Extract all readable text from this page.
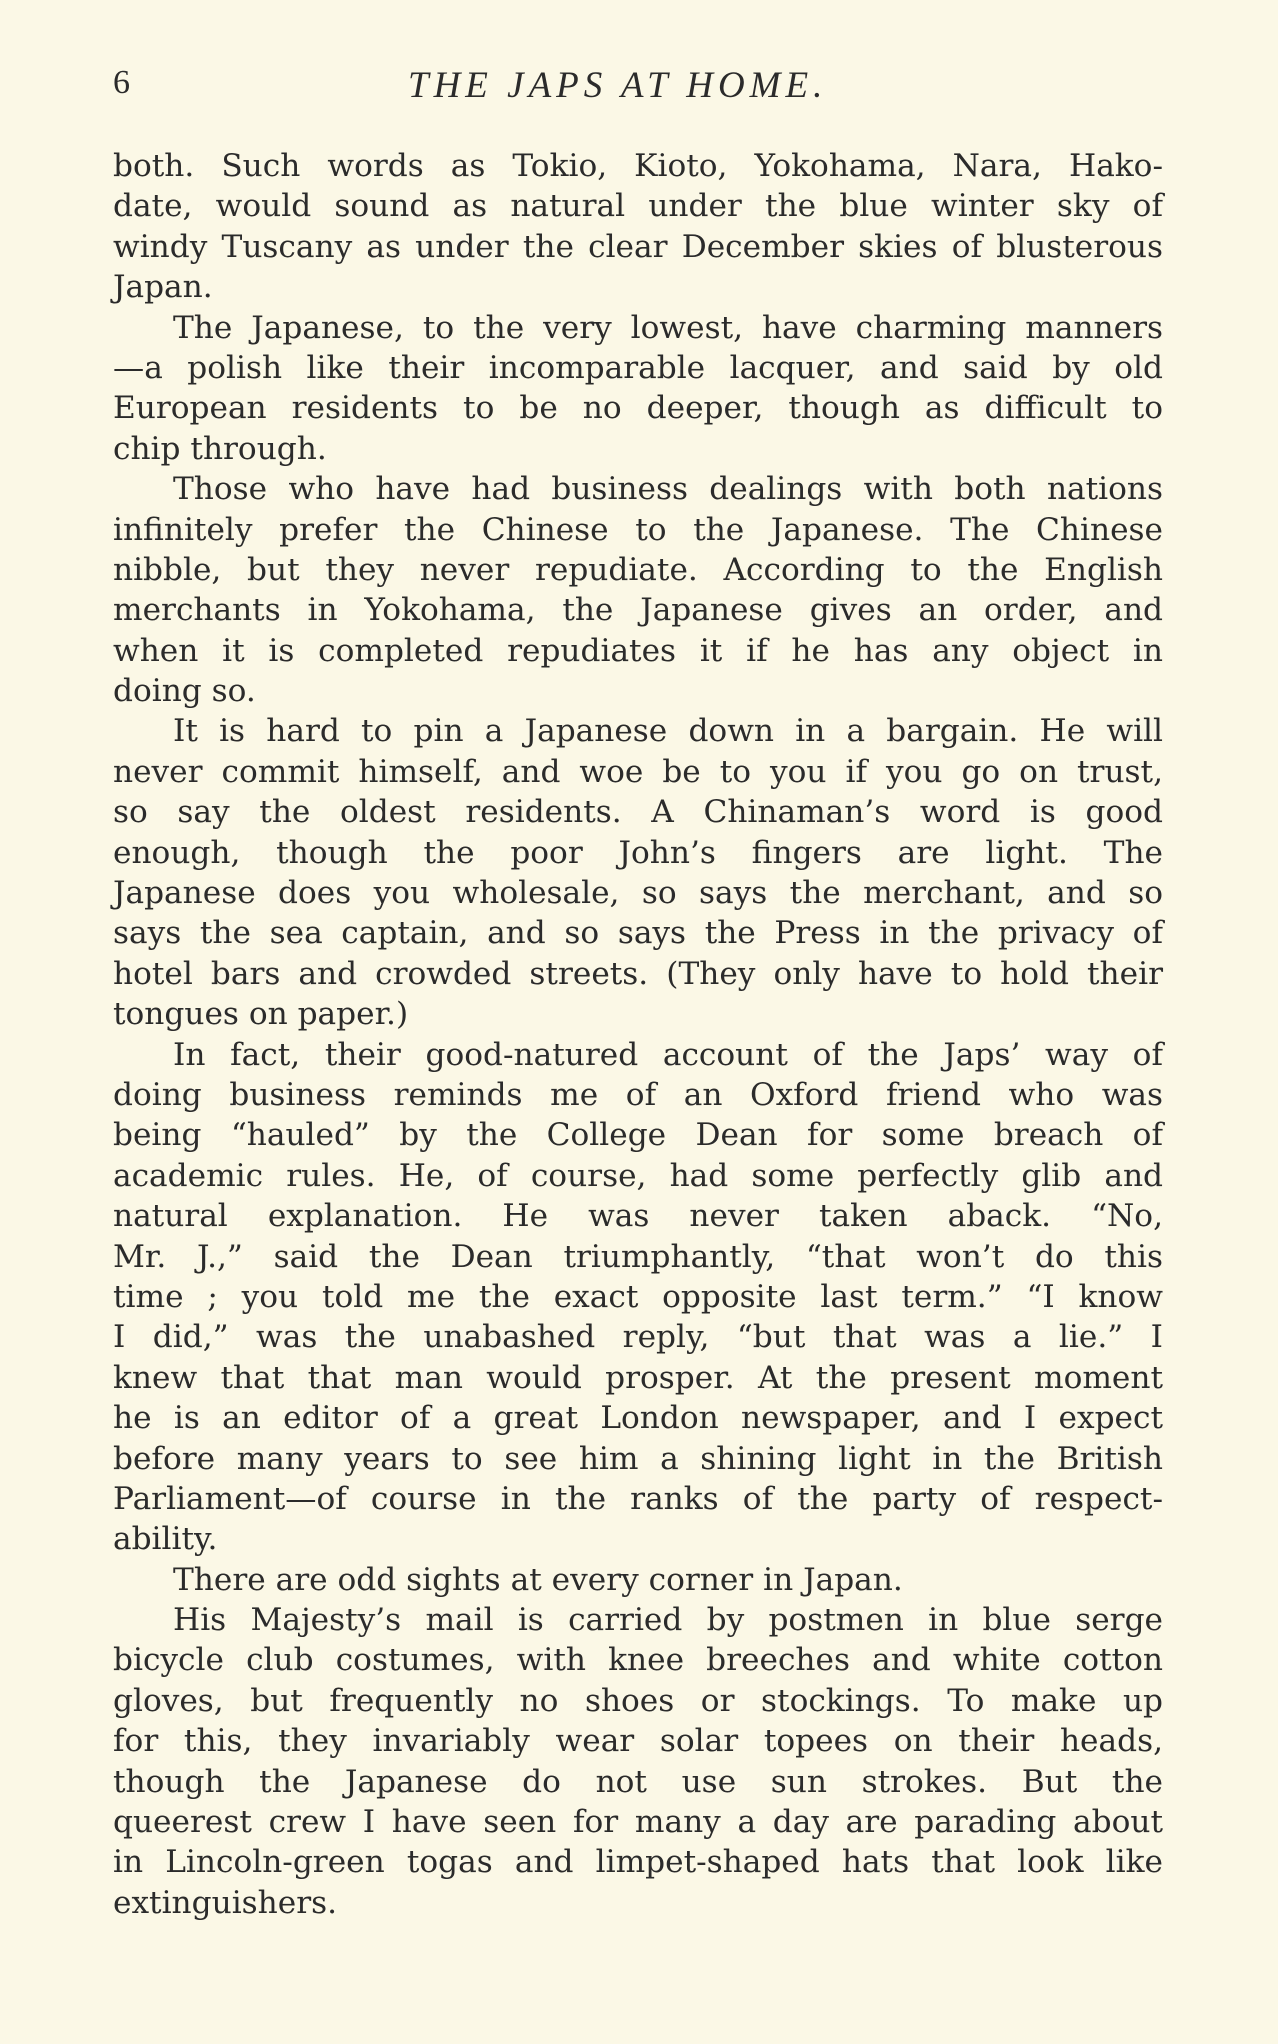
6	THE JAPS AT HOME.
both. Such words as Tokio, Kioto, Yokohama, Nara, Hako-
date, would sound as natural under the blue winter sky of
windy Tuscany as under the clear December skies of blusterous
Japan.
The Japanese, to the very lowest, have charming manners
—a polish like their incomparable lacquer, and said by old
European residents to be no deeper, though as difficult to
chip through.
Those who have had business dealings with both nations
infinitely prefer the Chinese to the Japanese. The Chinese
nibble, but they never repudiate. According to the English
merchants in Yokohama, the Japanese gives an order, and
when it is completed repudiates it if he has any object in
doing so.
It is hard to pin a Japanese down in a bargain. He will
never commit himself, and woe be to you if you go on trust,
so say the oldest residents. A Chinaman’s word is good
enough, though the poor John’s fingers are light. The
Japanese does you wholesale, so says the merchant, and so
says the sea captain, and so says the Press in the privacy of
hotel bars and crowded streets. (They only have to hold their
tongues on paper.)
In fact, their good-natured account of the Japs’ way of
doing business reminds me of an Oxford friend who was
being “hauled” by the College Dean for some breach of
academic rules. He, of course, had some perfectly glib and
natural explanation. He was never taken aback. “No,
Mr. J.,” said the Dean triumphantly, “that won’t do this
time ; you told me the exact opposite last term.” “I know
I did,” was the unabashed reply, “but that was a lie.” I
knew that that man would prosper. At the present moment
he is an editor of a great London newspaper, and I expect
before many years to see him a shining light in the British
Parliament—of course in the ranks of the party of respect-
ability.
There are odd sights at every corner in Japan.
His Majesty’s mail is carried by postmen in blue serge
bicycle club costumes, with knee breeches and white cotton
gloves, but frequently no shoes or stockings. To make up
for this, they invariably wear solar topees on their heads,
though the Japanese do not use sun strokes. But the
queerest crew I have seen for many a day are parading about
in Lincoln-green togas and limpet-shaped hats that look like
extinguishers.
